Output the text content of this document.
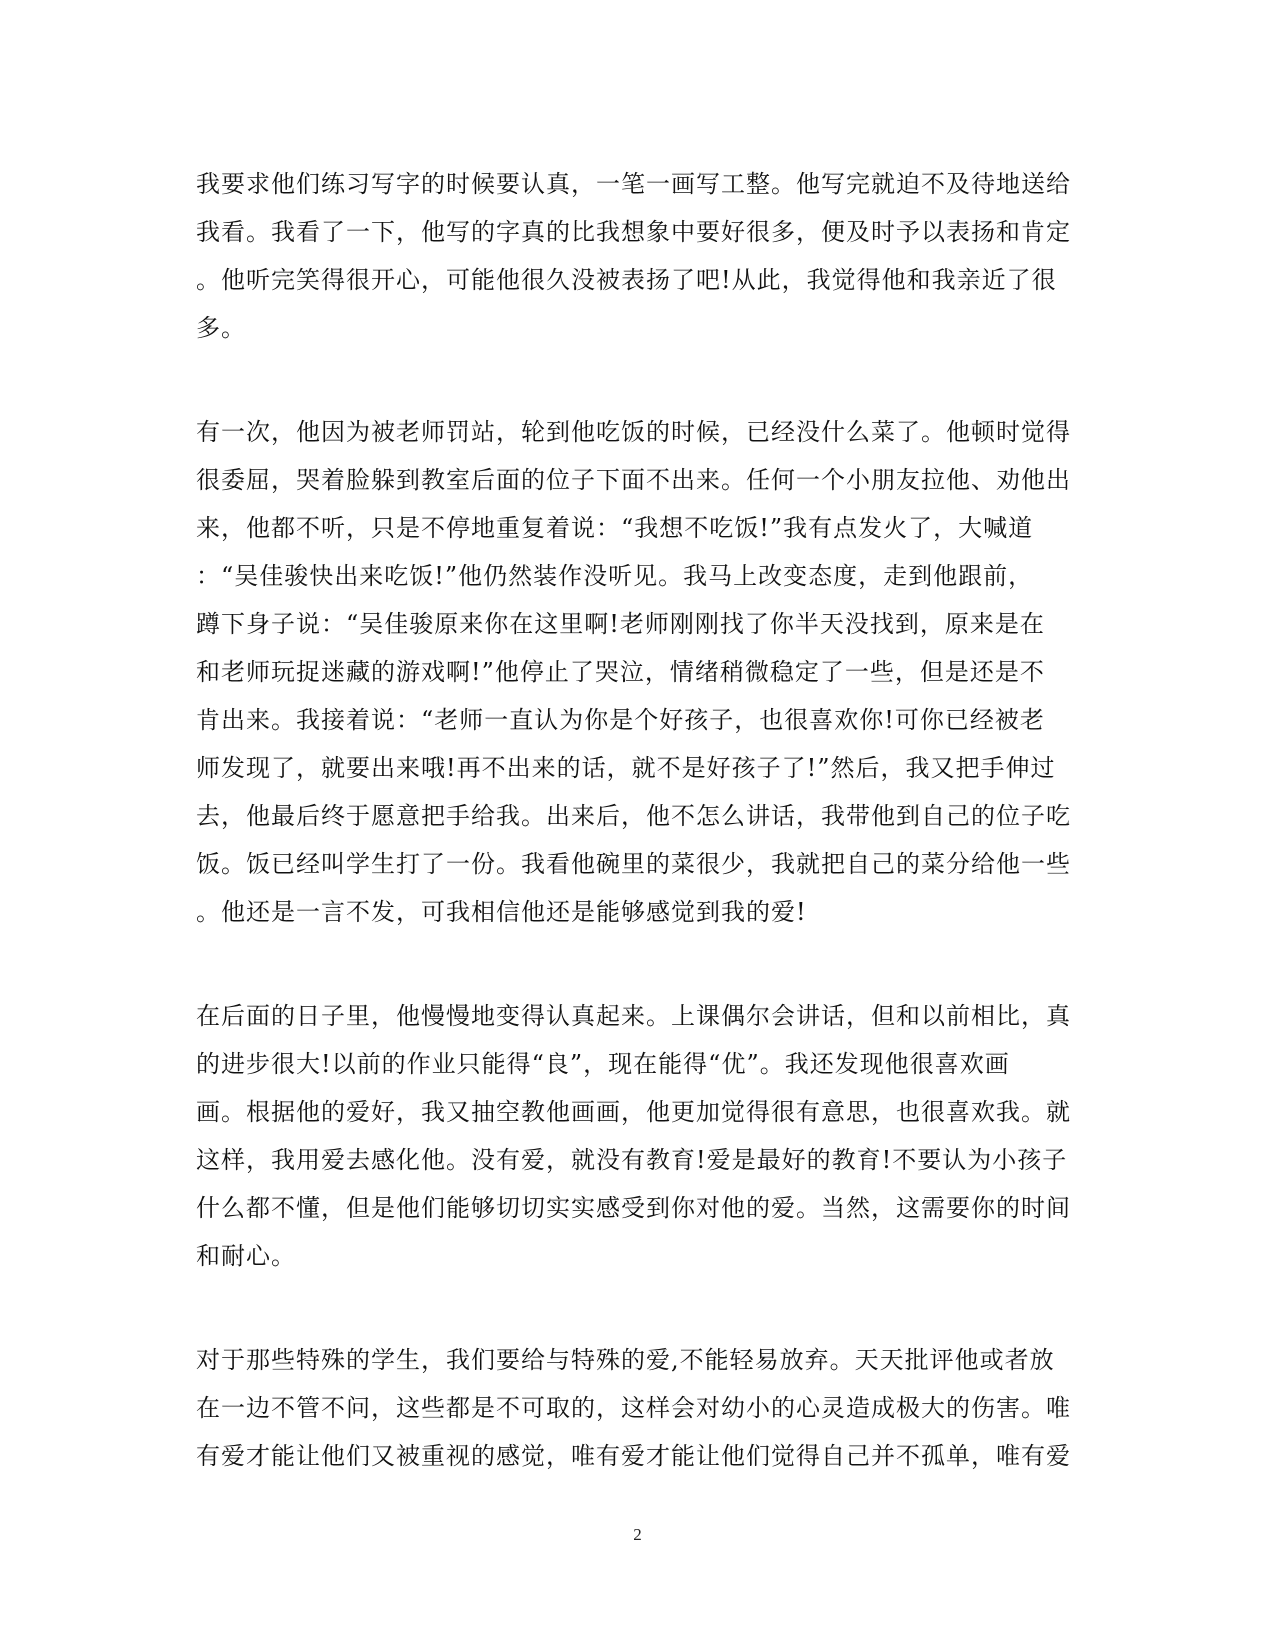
我要求他们练习写字的时候要认真，一笔一画写工整。他写完就迫不及待地送给
我看。我看了一下，他写的字真的比我想象中要好很多，便及时予以表扬和肯定
。他听完笑得很开心，可能他很久没被表扬了吧!从此，我觉得他和我亲近了很
多。

有一次，他因为被老师罚站，轮到他吃饭的时候，已经没什么菜了。他顿时觉得
很委屈，哭着脸躲到教室后面的位子下面不出来。任何一个小朋友拉他、劝他出
来，他都不听，只是不停地重复着说：“我想不吃饭!”我有点发火了，大喊道
：“吴佳骏快出来吃饭!”他仍然装作没听见。我马上改变态度，走到他跟前，
蹲下身子说：“吴佳骏原来你在这里啊!老师刚刚找了你半天没找到，原来是在
和老师玩捉迷藏的游戏啊!”他停止了哭泣，情绪稍微稳定了一些，但是还是不
肯出来。我接着说：“老师一直认为你是个好孩子，也很喜欢你!可你已经被老
师发现了，就要出来哦!再不出来的话，就不是好孩子了!”然后，我又把手伸过
去，他最后终于愿意把手给我。出来后，他不怎么讲话，我带他到自己的位子吃
饭。饭已经叫学生打了一份。我看他碗里的菜很少，我就把自己的菜分给他一些
。他还是一言不发，可我相信他还是能够感觉到我的爱!

在后面的日子里，他慢慢地变得认真起来。上课偶尔会讲话，但和以前相比，真
的进步很大!以前的作业只能得“良”，现在能得“优”。我还发现他很喜欢画
画。根据他的爱好，我又抽空教他画画，他更加觉得很有意思，也很喜欢我。就
这样，我用爱去感化他。没有爱，就没有教育!爱是最好的教育!不要认为小孩子
什么都不懂，但是他们能够切切实实感受到你对他的爱。当然，这需要你的时间
和耐心。

对于那些特殊的学生，我们要给与特殊的爱,不能轻易放弃。天天批评他或者放
在一边不管不问，这些都是不可取的，这样会对幼小的心灵造成极大的伤害。唯
有爱才能让他们又被重视的感觉，唯有爱才能让他们觉得自己并不孤单，唯有爱

2
